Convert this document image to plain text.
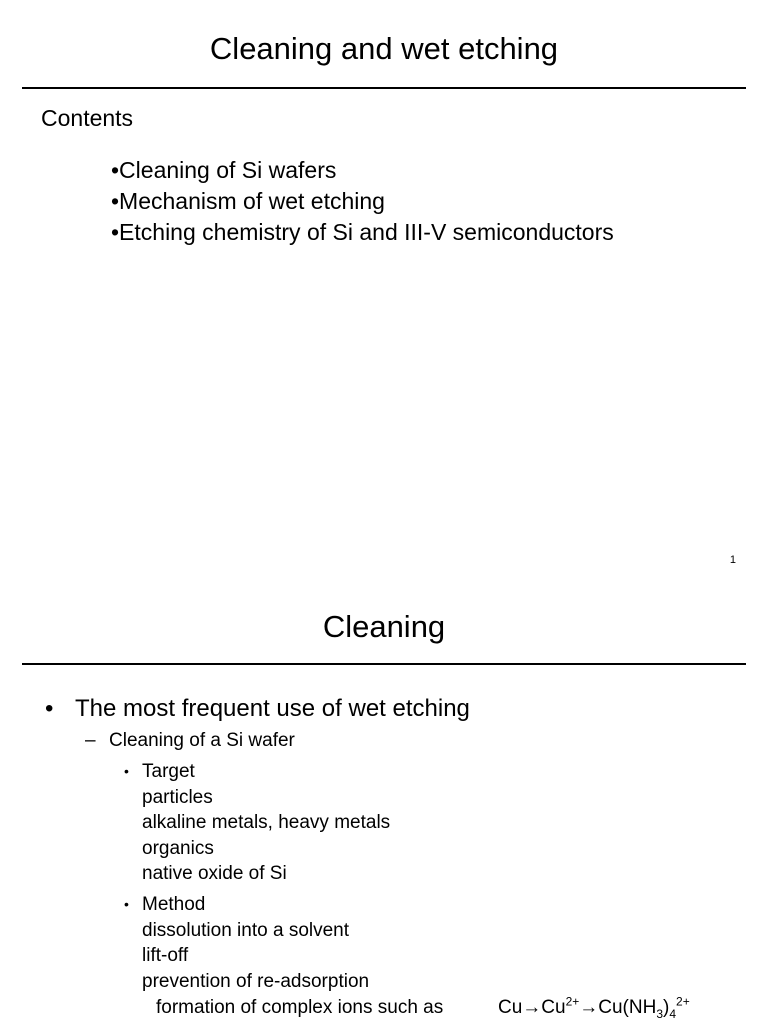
Cleaning and wet etching
Contents
•Cleaning of Si wafers
•Mechanism of wet etching
•Etching chemistry of Si and III-V semiconductors
1
Cleaning
• The most frequent use of wet etching
– Cleaning of a Si wafer
• Target
particles
alkaline metals, heavy metals
organics
native oxide of Si
• Method
dissolution into a solvent
lift-off
prevention of re-adsorption
formation of complex ions such as	$Cu\to Cu^{2+}\to Cu(NH_3)_4^{2+}$
